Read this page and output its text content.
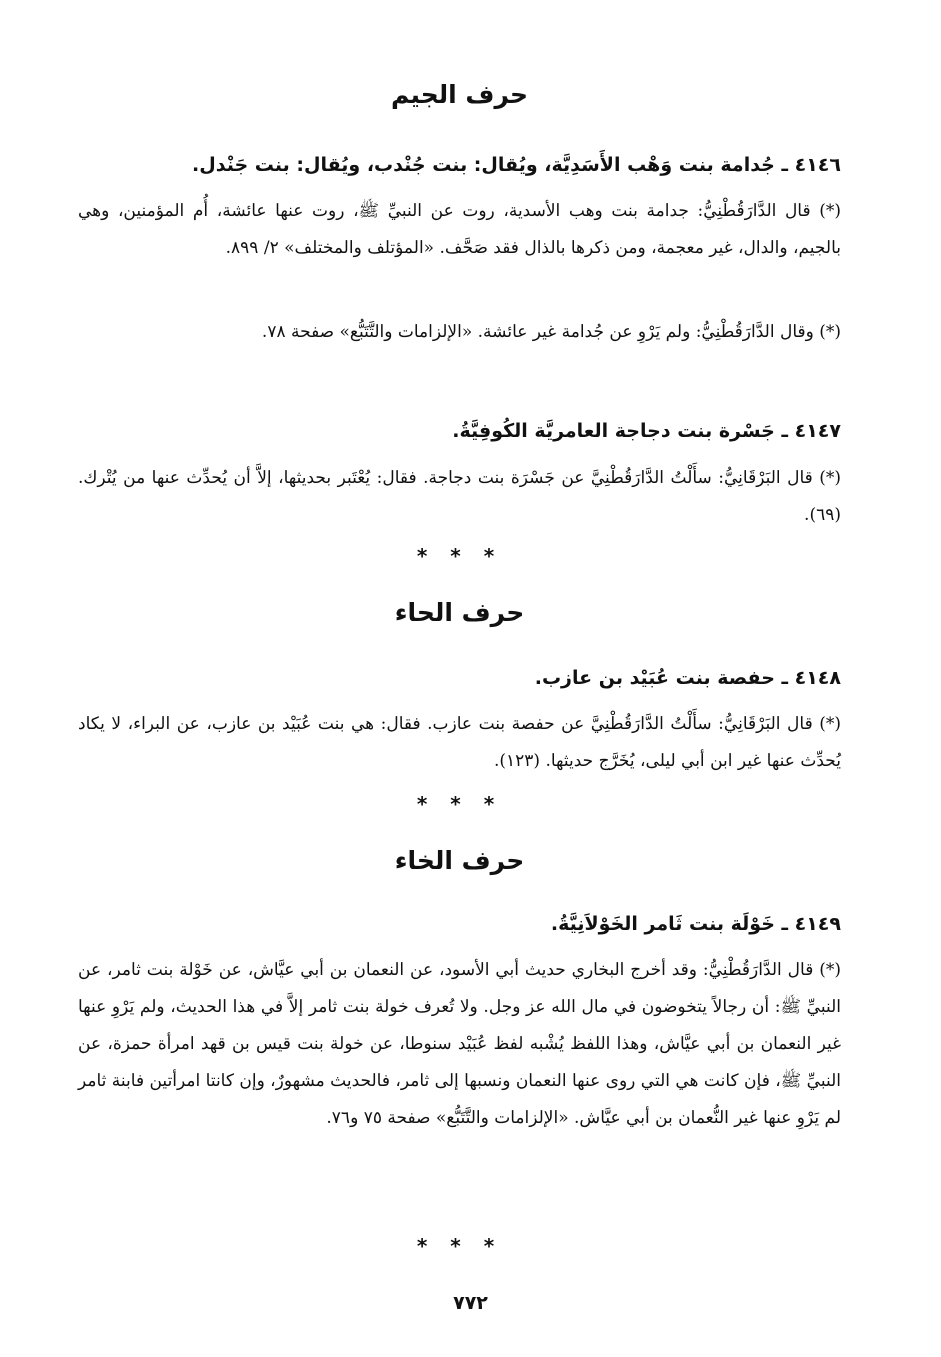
حرف الجيم
٤١٤٦ ـ جُدامة بنت وَهْب الأَسَدِيَّة، ويُقال: بنت جُنْدب، ويُقال: بنت جَنْدل.

(*) قال الدَّارَقُطْنِيُّ: جدامة بنت وهب الأسدية، روت عن النبيِّ ﷺ، روت عنها عائشة، أُم المؤمنين، وهي بالجيم، والدال، غير معجمة، ومن ذكرها بالذال فقد صَحَّف. «المؤتلف والمختلف» ٢/ ٨٩٩.

(*) وقال الدَّارَقُطْنِيُّ: ولم يَرْوِ عن جُدامة غير عائشة. «الإلزامات والتَّتَبُّع» صفحة ٧٨.

٤١٤٧ ـ جَسْرة بنت دجاجة العامريَّة الكُوفِيَّةُ.

(*) قال البَرْقَانِيُّ: سأَلْتُ الدَّارَقُطْنِيَّ عن جَسْرَة بنت دجاجة. فقال: يُعْتَبر بحديثها، إلاَّ أن يُحدِّث عنها من يُتْرك. (٦٩).

* * *
حرف الحاء
٤١٤٨ ـ حفصة بنت عُبَيْد بن عازب.

(*) قال البَرْقَانِيُّ: سأَلْتُ الدَّارَقُطْنِيَّ عن حفصة بنت عازب. فقال: هي بنت عُبَيْد بن عازب، عن البراء، لا يكاد يُحدِّث عنها غير ابن أبي ليلى، يُخَرَّج حديثها. (١٢٣).

* * *
حرف الخاء
٤١٤٩ ـ خَوْلَة بنت ثَامر الخَوْلاَنِيَّةُ.

(*) قال الدَّارَقُطْنِيُّ: وقد أخرج البخاري حديث أبي الأسود، عن النعمان بن أبي عيَّاش، عن خَوْلة بنت ثامر، عن النبيِّ ﷺ: أن رجالاً يتخوضون في مال الله عز وجل. ولا تُعرف خولة بنت ثامر إلاَّ في هذا الحديث، ولم يَرْوِ عنها غير النعمان بن أبي عيَّاش، وهذا اللفظ يُشْبه لفظ عُبَيْد سنوطا، عن خولة بنت قيس بن قهد امرأة حمزة، عن النبيِّ ﷺ، فإن كانت هي التي روى عنها النعمان ونسبها إلى ثامر، فالحديث مشهورٌ، وإن كانتا امرأتين فابنة ثامر لم يَرْوِ عنها غير النُّعمان بن أبي عيَّاش. «الإلزامات والتَّتَبُّع» صفحة ٧٥ و٧٦.

* * *
٧٧٢
